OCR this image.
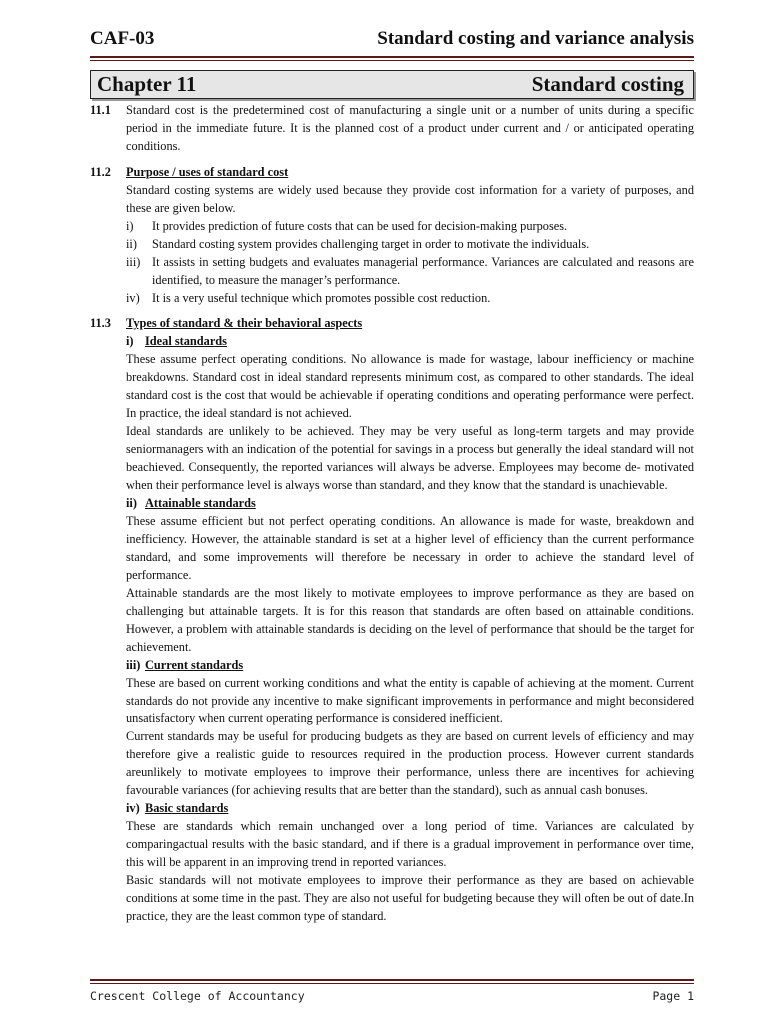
CAF-03	Standard costing and variance analysis
Chapter 11	Standard costing
11.1	Standard cost is the predetermined cost of manufacturing a single unit or a number of units during a specific period in the immediate future. It is the planned cost of a product under current and / or anticipated operating conditions.
11.2	Purpose / uses of standard cost
Standard costing systems are widely used because they provide cost information for a variety of purposes, and these are given below.
i)	It provides prediction of future costs that can be used for decision-making purposes.
ii)	Standard costing system provides challenging target in order to motivate the individuals.
iii) It assists in setting budgets and evaluates managerial performance. Variances are calculated and reasons are identified, to measure the manager’s performance.
iv) It is a very useful technique which promotes possible cost reduction.
11.3	Types of standard & their behavioral aspects
i) Ideal standards
These assume perfect operating conditions. No allowance is made for wastage, labour inefficiency or machine breakdowns. Standard cost in ideal standard represents minimum cost, as compared to other standards. The ideal standard cost is the cost that would be achievable if operating conditions and operating performance were perfect. In practice, the ideal standard is not achieved.
Ideal standards are unlikely to be achieved. They may be very useful as long-term targets and may provide seniormanagers with an indication of the potential for savings in a process but generally the ideal standard will not beachieved. Consequently, the reported variances will always be adverse. Employees may become de- motivated when their performance level is always worse than standard, and they know that the standard is unachievable.
ii) Attainable standards
These assume efficient but not perfect operating conditions. An allowance is made for waste, breakdown and inefficiency. However, the attainable standard is set at a higher level of efficiency than the current performance standard, and some improvements will therefore be necessary in order to achieve the standard level of performance.
Attainable standards are the most likely to motivate employees to improve performance as they are based on challenging but attainable targets. It is for this reason that standards are often based on attainable conditions. However, a problem with attainable standards is deciding on the level of performance that should be the target for achievement.
iii) Current standards
These are based on current working conditions and what the entity is capable of achieving at the moment. Current standards do not provide any incentive to make significant improvements in performance and might beconsidered unsatisfactory when current operating performance is considered inefficient.
Current standards may be useful for producing budgets as they are based on current levels of efficiency and may therefore give a realistic guide to resources required in the production process. However current standards areunlikely to motivate employees to improve their performance, unless there are incentives for achieving favourable variances (for achieving results that are better than the standard), such as annual cash bonuses.
iv) Basic standards
These are standards which remain unchanged over a long period of time. Variances are calculated by comparingactual results with the basic standard, and if there is a gradual improvement in performance over time, this will be apparent in an improving trend in reported variances.
Basic standards will not motivate employees to improve their performance as they are based on achievable conditions at some time in the past. They are also not useful for budgeting because they will often be out of date.In practice, they are the least common type of standard.
Crescent College of Accountancy	Page 1
